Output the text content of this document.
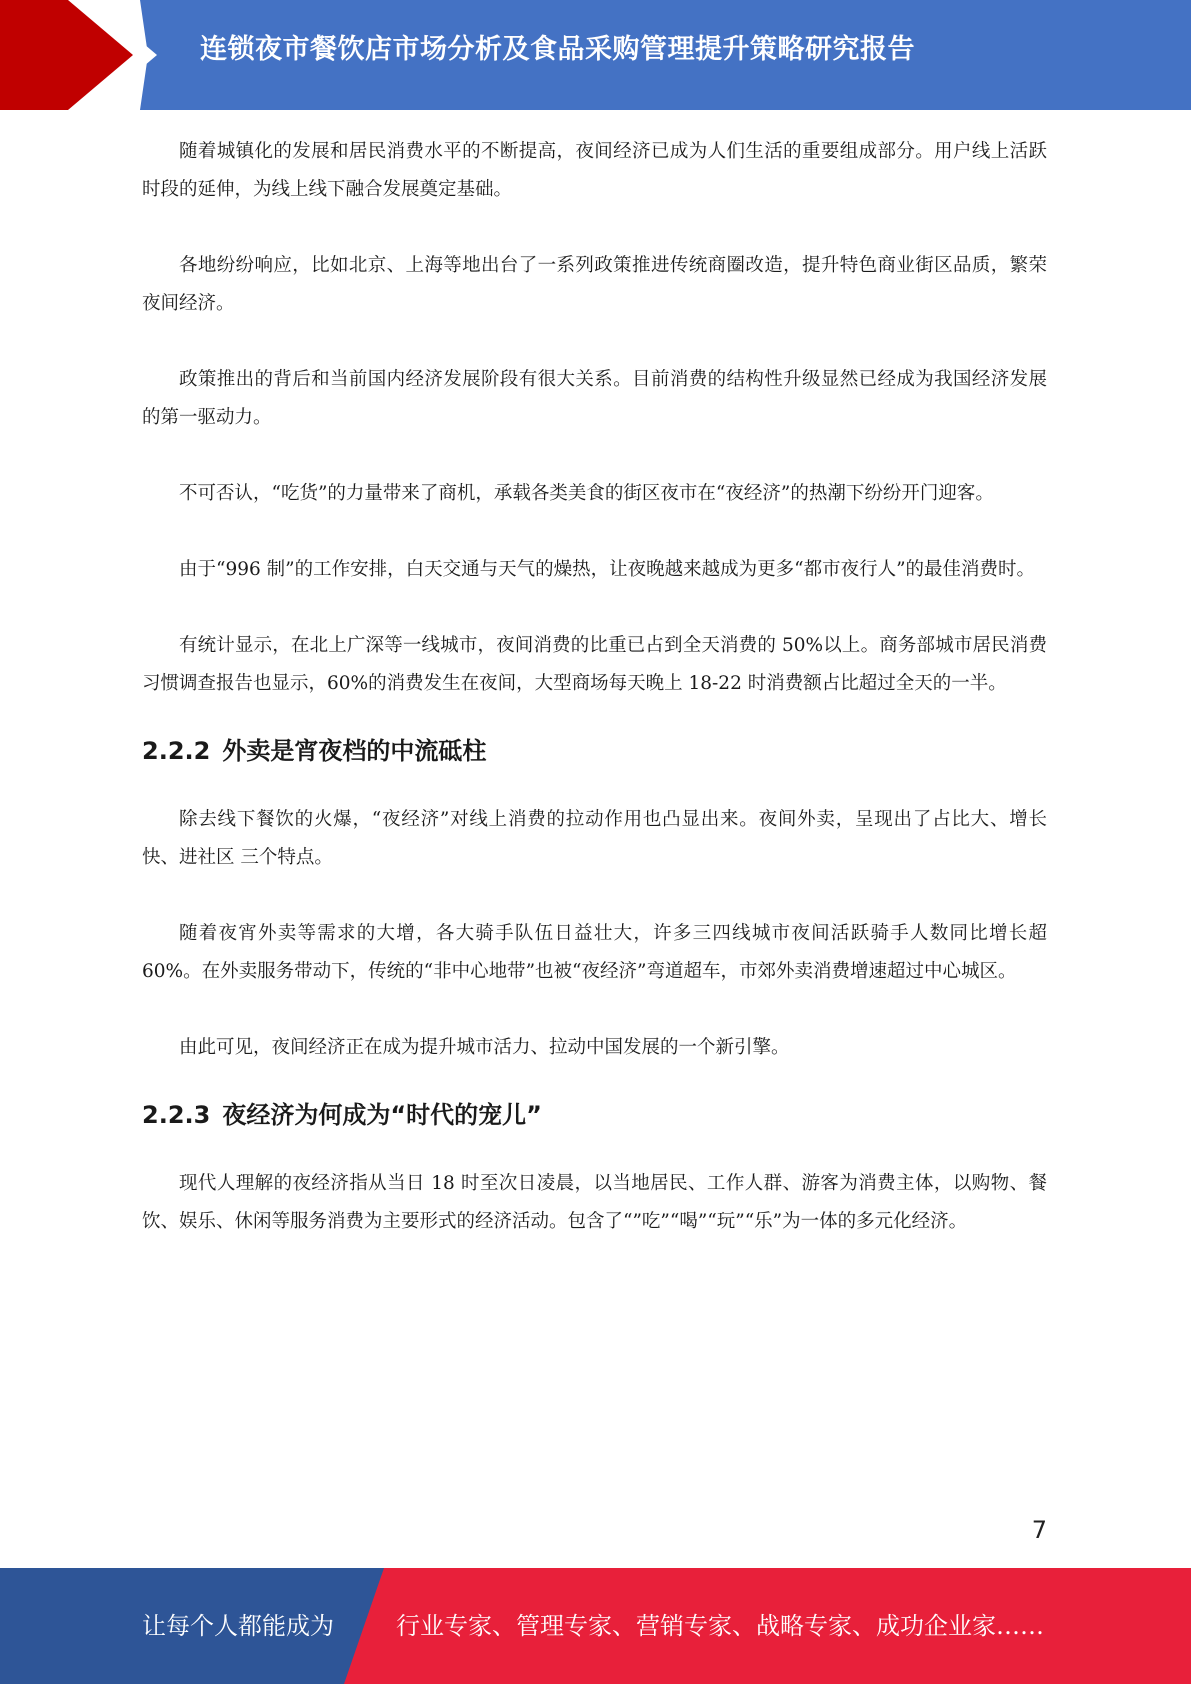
连锁夜市餐饮店市场分析及食品采购管理提升策略研究报告

随着城镇化的发展和居民消费水平的不断提高，夜间经济已成为人们生活的重要组成部分。用户线上活跃时段的延伸，为线上线下融合发展奠定基础。

各地纷纷响应，比如北京、上海等地出台了一系列政策推进传统商圈改造，提升特色商业街区品质，繁荣夜间经济。

政策推出的背后和当前国内经济发展阶段有很大关系。目前消费的结构性升级显然已经成为我国经济发展的第一驱动力。

不可否认，“吃货”的力量带来了商机，承载各类美食的街区夜市在“夜经济”的热潮下纷纷开门迎客。

由于“996 制”的工作安排，白天交通与天气的燥热，让夜晚越来越成为更多“都市夜行人”的最佳消费时。

有统计显示，在北上广深等一线城市，夜间消费的比重已占到全天消费的 50%以上。商务部城市居民消费习惯调查报告也显示，60%的消费发生在夜间，大型商场每天晚上 18-22 时消费额占比超过全天的一半。

2.2.2 外卖是宵夜档的中流砥柱

除去线下餐饮的火爆，“夜经济”对线上消费的拉动作用也凸显出来。夜间外卖，呈现出了占比大、增长快、进社区 三个特点。

随着夜宵外卖等需求的大增，各大骑手队伍日益壮大，许多三四线城市夜间活跃骑手人数同比增长超 60%。在外卖服务带动下，传统的“非中心地带”也被“夜经济”弯道超车，市郊外卖消费增速超过中心城区。

由此可见，夜间经济正在成为提升城市活力、拉动中国发展的一个新引擎。

2.2.3 夜经济为何成为“时代的宠儿”

现代人理解的夜经济指从当日 18 时至次日凌晨，以当地居民、工作人群、游客为消费主体，以购物、餐饮、娱乐、休闲等服务消费为主要形式的经济活动。包含了“”吃”“喝”“玩”“乐”为一体的多元化经济。

7
让每个人都能成为	行业专家、管理专家、营销专家、战略专家、成功企业家……
